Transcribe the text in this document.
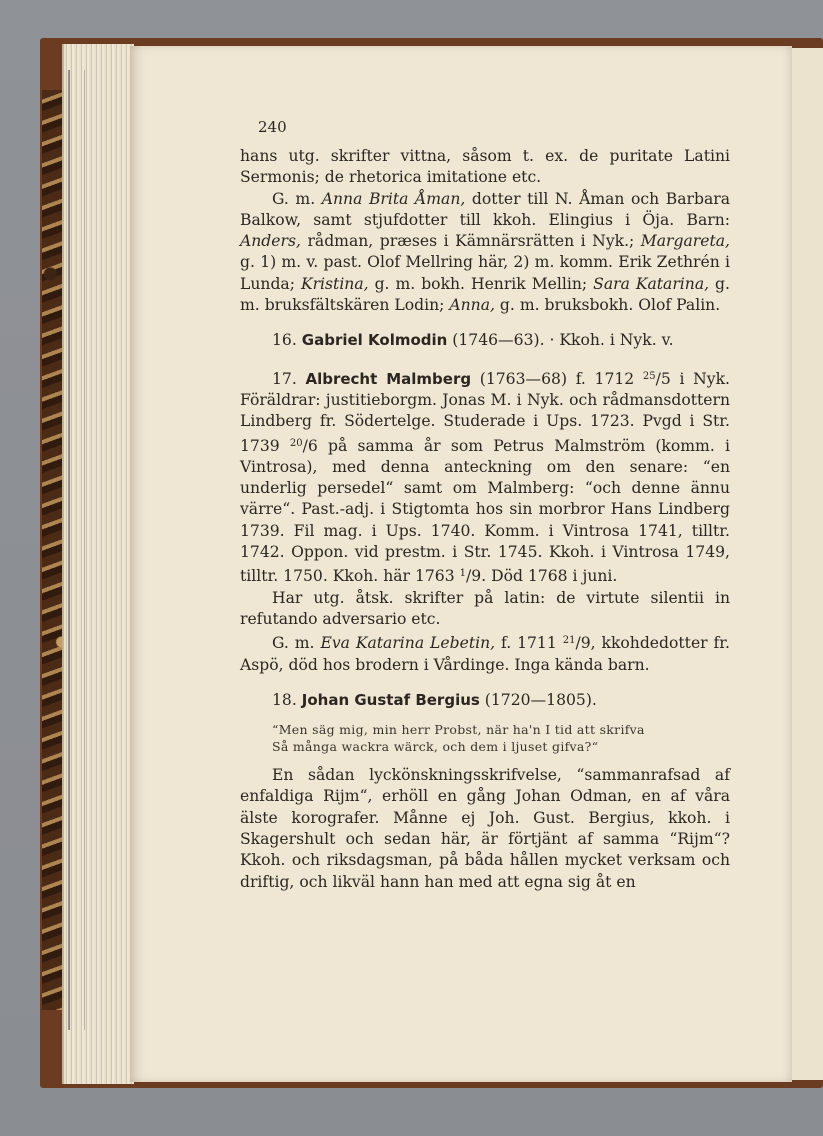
240

hans utg. skrifter vittna, såsom t. ex. de puritate Latini Sermonis; de rhetorica imitatione etc.

G. m. Anna Brita Åman, dotter till N. Åman och Barbara Balkow, samt stjufdotter till kkoh. Elingius i Öja. Barn: Anders, rådman, præses i Kämnärsrätten i Nyk.; Margareta, g. 1) m. v. past. Olof Mellring här, 2) m. komm. Erik Zethrén i Lunda; Kristina, g. m. bokh. Henrik Mellin; Sara Katarina, g. m. bruksfältskären Lodin; Anna, g. m. bruksbokh. Olof Palin.

16. Gabriel Kolmodin (1746—63). · Kkoh. i Nyk. v.

17. Albrecht Malmberg (1763—68) f. 1712 $^{25}$/5 i Nyk. Föräldrar: justitieborgm. Jonas M. i Nyk. och rådmansdottern Lindberg fr. Södertelge. Studerade i Ups. 1723. Pvgd i Str. 1739 $^{20}$/6 på samma år som Petrus Malmström (komm. i Vintrosa), med denna anteckning om den senare: “en underlig persedel“ samt om Malmberg: “och denne ännu värre“. Past.-adj. i Stigtomta hos sin morbror Hans Lindberg 1739. Fil mag. i Ups. 1740. Komm. i Vintrosa 1741, tilltr. 1742. Oppon. vid prestm. i Str. 1745. Kkoh. i Vintrosa 1749, tilltr. 1750. Kkoh. här 1763 $^1$/9. Död 1768 i juni.

Har utg. åtsk. skrifter på latin: de virtute silentii in refutando adversario etc.

G. m. Eva Katarina Lebetin, f. 1711 $^{21}$/9, kkohdedotter fr. Aspö, död hos brodern i Vårdinge. Inga kända barn.

18. Johan Gustaf Bergius (1720—1805).

“Men säg mig, min herr Probst, när ha'n I tid att skrifva
Så många wackra wärck, och dem i ljuset gifva?“

En sådan lyckönskningsskrifvelse, “sammanrafsad af enfaldiga Rijm“, erhöll en gång Johan Odman, en af våra älste korografer. Månne ej Joh. Gust. Bergius, kkoh. i Skagershult och sedan här, är förtjänt af samma “Rijm“? Kkoh. och riksdagsman, på båda hållen mycket verksam och driftig, och likväl hann han med att egna sig åt en
